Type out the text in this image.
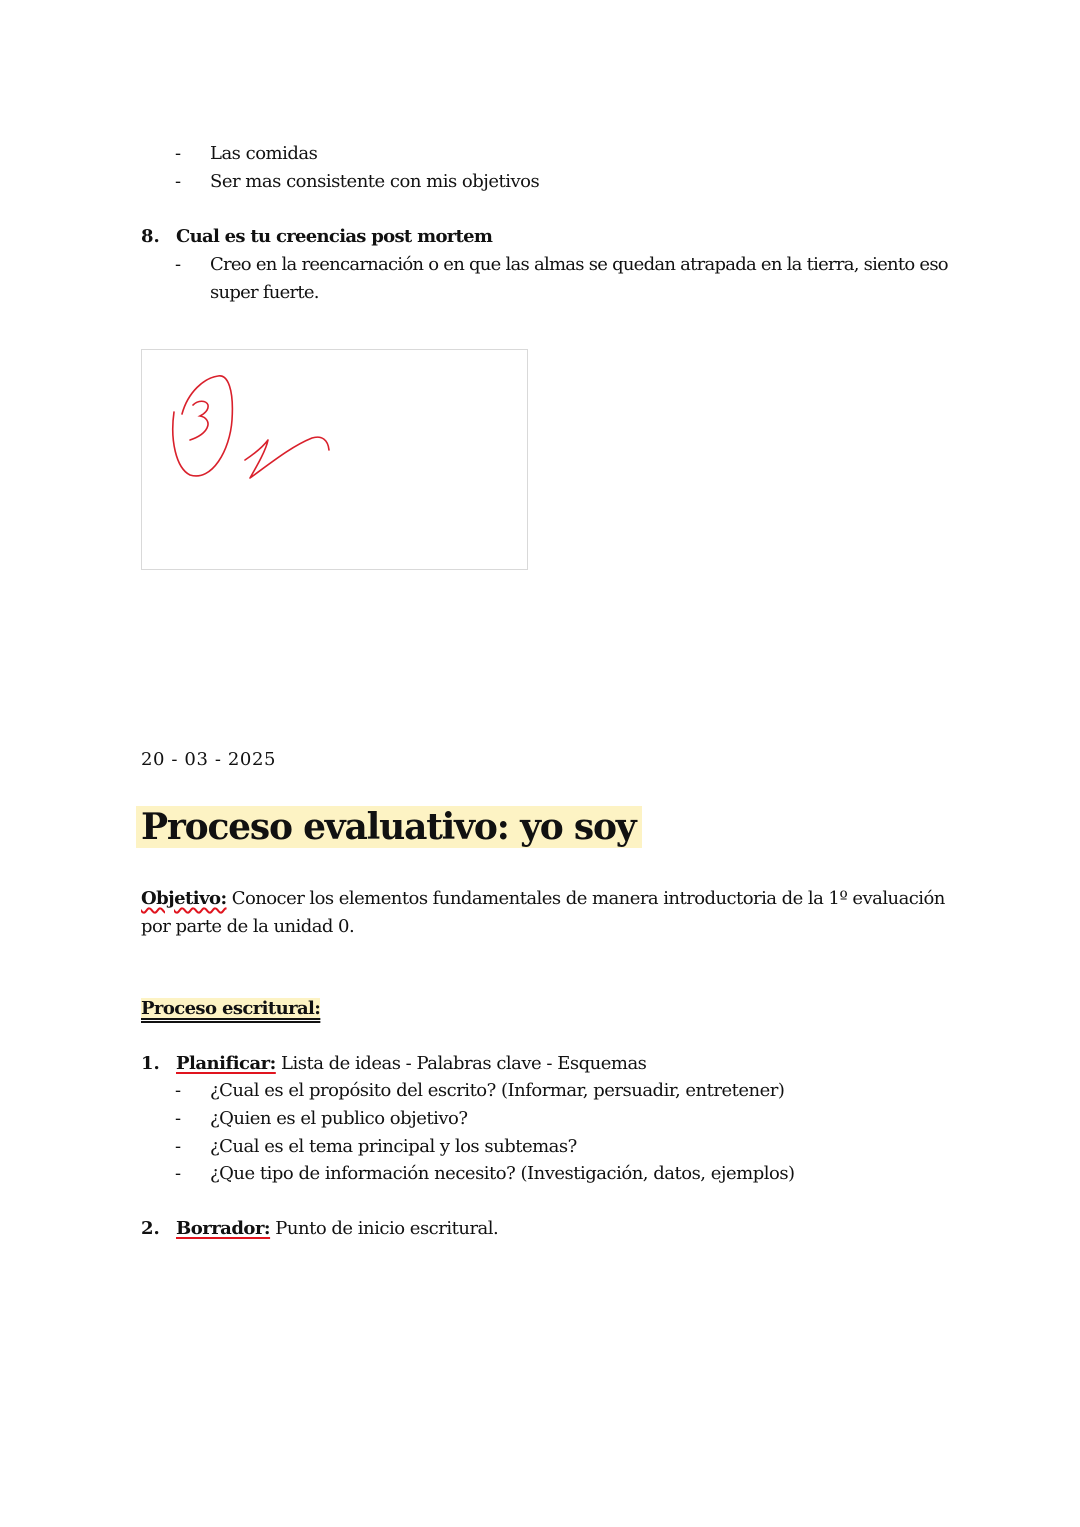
- Las comidas
- Ser mas consistente con mis objetivos
8. Cual es tu creencias post mortem
- Creo en la reencarnación o en que las almas se quedan atrapada en la tierra, siento eso
super fuerte.
20 - 03 - 2025
Proceso evaluativo: yo soy
Objetivo: Conocer los elementos fundamentales de manera introductoria de la 1º evaluación
por parte de la unidad 0.
Proceso escritural:
1. Planificar: Lista de ideas - Palabras clave - Esquemas
- ¿Cual es el propósito del escrito? (Informar, persuadir, entretener)
- ¿Quien es el publico objetivo?
- ¿Cual es el tema principal y los subtemas?
- ¿Que tipo de información necesito? (Investigación, datos, ejemplos)
2. Borrador: Punto de inicio escritural.
